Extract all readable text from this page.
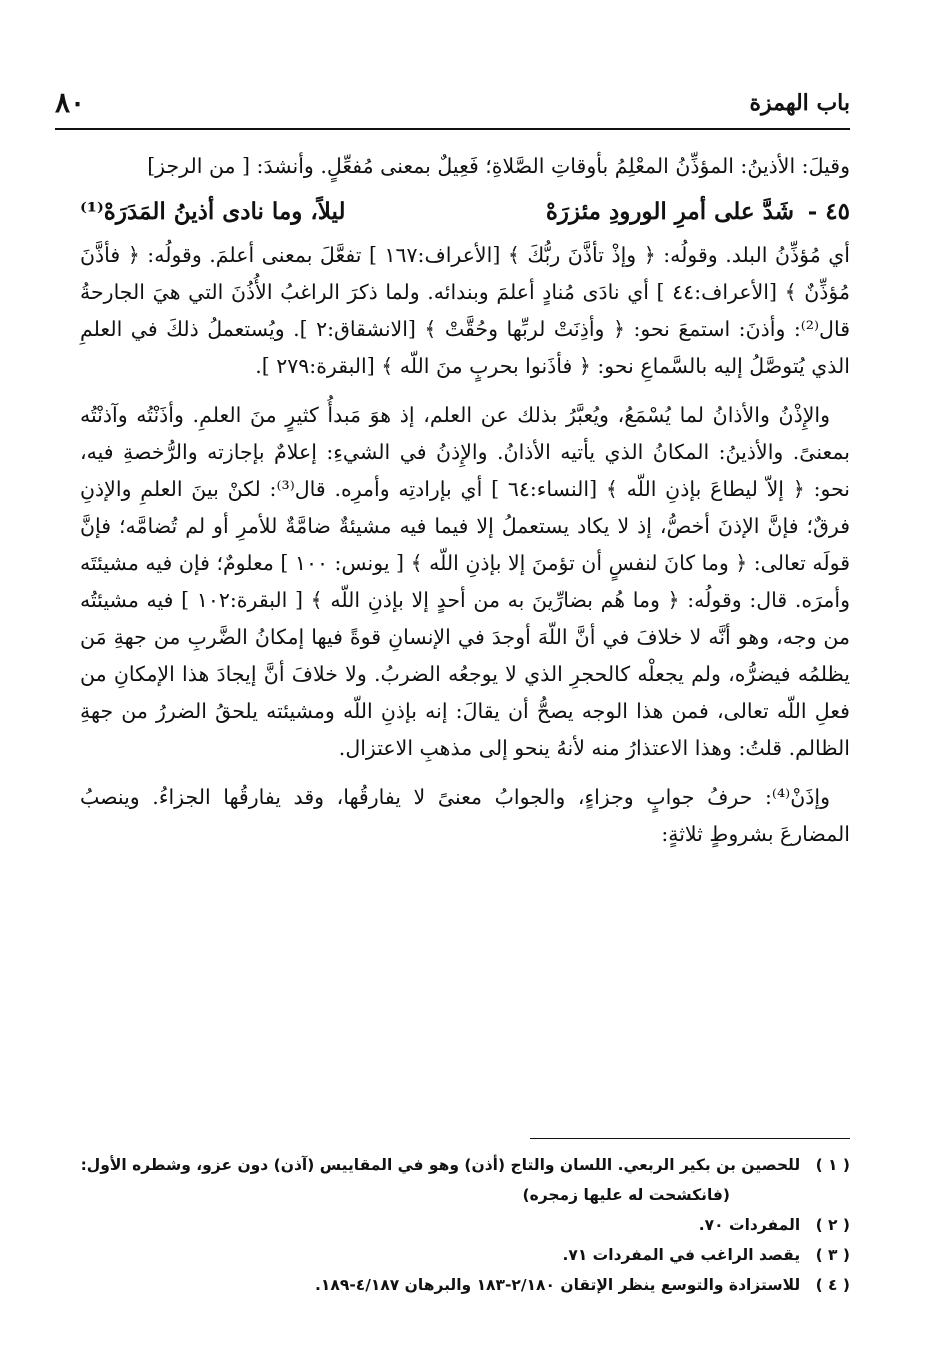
باب الهمزة
٨٠

وقيلَ: الأذينُ: المؤذِّنُ المعْلِمُ بأوقاتِ الصَّلاةِ؛ فَعِيلٌ بمعنى مُفعِّلٍ. وأنشدَ: [ من الرجز]

٤٥ -
شَدَّ على أمرِ الورودِ مئزرَهْ
ليلاً، وما نادى أذينُ المَدَرَهْ⁽¹⁾

أي مُؤذِّنُ البلد. وقولُه: ﴿ وإذْ تأذَّنَ ربُّكَ ﴾ [الأعراف:١٦٧ ] تفعَّلَ بمعنى أعلمَ. وقولُه: ﴿ فأذَّنَ مُؤذِّنٌ ﴾ [الأعراف:٤٤ ] أي نادَى مُنادٍ أعلمَ وبندائه. ولما ذكرَ الراغبُ الأُذُنَ التي هيَ الجارحةُ قال⁽²⁾: وأذنَ: استمعَ نحو: ﴿ وأذِنَتْ لربِّها وحُقَّتْ ﴾ [الانشقاق:٢ ]. ويُستعملُ ذلكَ في العلمِ الذي يُتوصَّلُ إليه بالسَّماعِ نحو: ﴿ فأذَنوا بحربٍ منَ اللّه ﴾ [البقرة:٢٧٩ ].

والإِذْنُ والأذانُ لما يُسْمَعُ، ويُعبَّرُ بذلك عن العلم، إذ هوَ مَبدأُ كثيرٍ منَ العلمِ. وأذَنْتُه وآذنْتُه بمعنىً. والأذينُ: المكانُ الذي يأتيه الأذانُ. والإِذنُ في الشيءِ: إعلامٌ بإجازته والرُّخصةِ فيه، نحو: ﴿ إلاّ ليطاعَ بإذنِ اللّه ﴾ [النساء:٦٤ ] أي بإرادتِه وأمرِه. قال⁽³⁾: لكنْ بينَ العلمِ والإذنِ فرقٌ؛ فإنَّ الإذنَ أخصُّ، إذ لا يكاد يستعملُ إلا فيما فيه مشيئةٌ ضامَّةٌ للأمرِ أو لم تُضامَّه؛ فإنَّ قولَه تعالى: ﴿ وما كانَ لنفسٍ أن تؤمنَ إلا بإذنِ اللّه ﴾ [ يونس: ١٠٠ ] معلومٌ؛ فإن فيه مشيئتَه وأمرَه. قال: وقولُه: ﴿ وما هُم بضارِّينَ به من أحدٍ إلا بإذنِ اللّه ﴾ [ البقرة:١٠٢ ] فيه مشيئتُه من وجه، وهو أنَّه لا خلافَ في أنَّ اللّهَ أوجدَ في الإنسانِ قوةً فيها إمكانُ الضَّربِ من جهةِ مَن يظلمُه فيضرُّه، ولم يجعلْه كالحجرِ الذي لا يوجعُه الضربُ. ولا خلافَ أنَّ إيجادَ هذا الإمكانِ من فعلِ اللّه تعالى، فمن هذا الوجه يصحُّ أن يقالَ: إنه بإذنِ اللّه ومشيئته يلحقُ الضررُ من جهةِ الظالم. قلتُ: وهذا الاعتذارُ منه لأنهُ ينحو إلى مذهبِ الاعتزال.

وإذَنْ⁽⁴⁾: حرفُ جوابٍ وجزاءٍ، والجوابُ معنىً لا يفارقُها، وقد يفارقُها الجزاءُ. وينصبُ المضارعَ بشروطٍ ثلاثةٍ:

( ١ ) للحصين بن بكير الربعي. اللسان والتاج (أذن) وهو في المقاييس (آذن) دون عزو، وشطره الأول:

(فانكشحت له عليها زمجره)

( ٢ ) المفردات ٧٠.

( ٣ ) يقصد الراغب في المفردات ٧١.

( ٤ ) للاستزادة والتوسع ينظر الإتقان ٢/١٨٠-١٨٣ والبرهان ٤/١٨٧-١٨٩.
